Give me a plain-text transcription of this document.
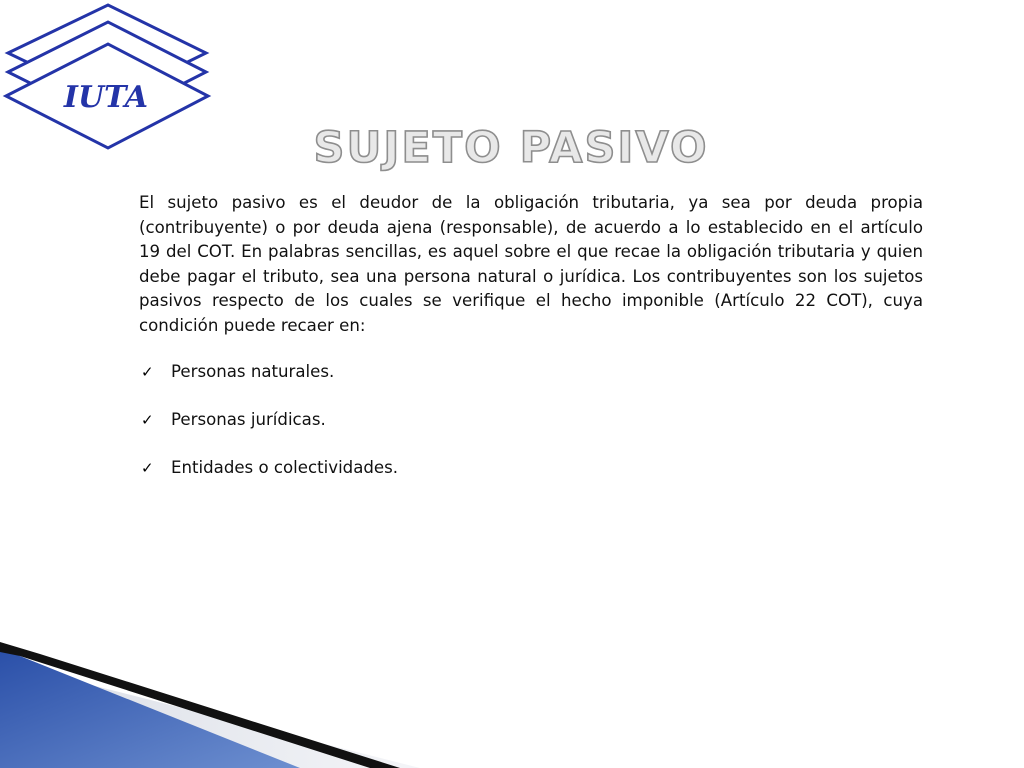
IUTA
SUJETO PASIVO

El sujeto pasivo es el deudor de la obligación tributaria, ya sea por deuda propia (contribuyente) o por deuda ajena (responsable), de acuerdo a lo establecido en el artículo 19 del COT. En palabras sencillas, es aquel sobre el que recae la obligación tributaria y quien debe pagar el tributo, sea una persona natural o jurídica. Los contribuyentes son los sujetos pasivos respecto de los cuales se verifique el hecho imponible (Artículo 22 COT), cuya condición puede recaer en:

✓ Personas naturales.
✓ Personas jurídicas.
✓ Entidades o colectividades.
